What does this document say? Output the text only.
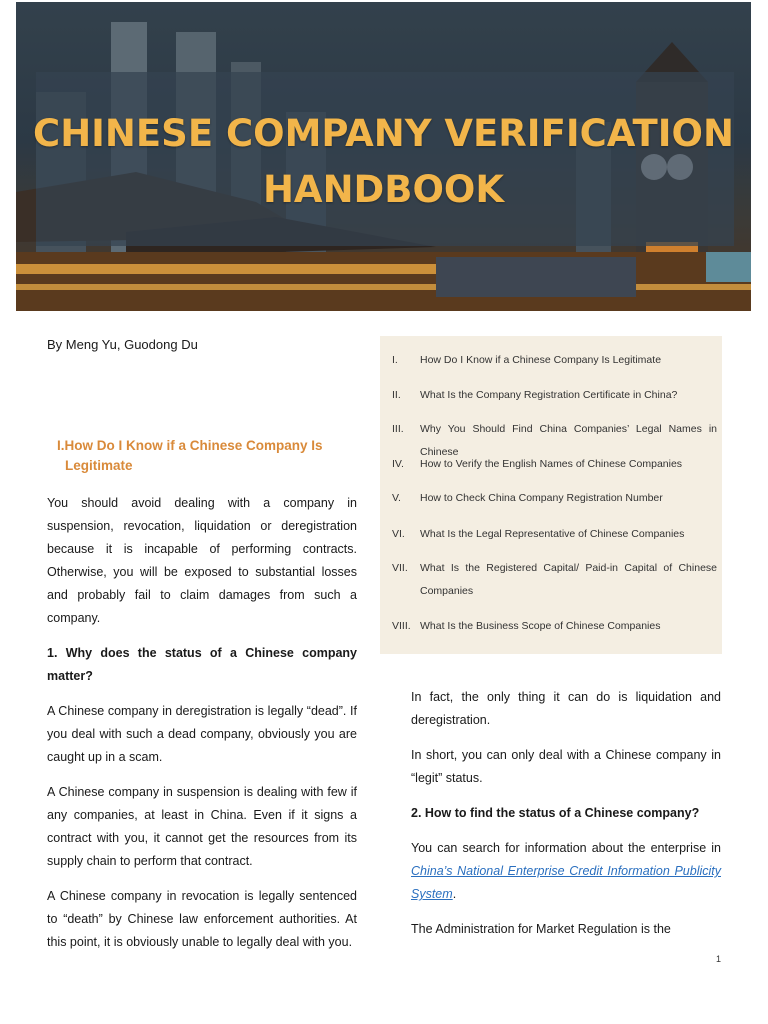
CHINESE COMPANY VERIFICATION
HANDBOOK
By Meng Yu, Guodong Du
I.	How Do I Know if a Chinese Company Is Legitimate
II.	What Is the Company Registration Certificate in China?
III.	Why You Should Find China Companies’ Legal Names in Chinese
IV.	How to Verify the English Names of Chinese Companies
V.	How to Check China Company Registration Number
VI.	What Is the Legal Representative of Chinese Companies
VII.	What Is the Registered Capital/ Paid-in Capital of Chinese Companies
VIII. What Is the Business Scope of Chinese Companies
I.How Do I Know if a Chinese Company Is
Legitimate

You should avoid dealing with a company in suspension, revocation, liquidation or deregistration because it is incapable of performing contracts. Otherwise, you will be exposed to substantial losses and probably fail to claim damages from such a company.

1. Why does the status of a Chinese company matter?

A Chinese company in deregistration is legally “dead”. If you deal with such a dead company, obviously you are caught up in a scam.

A Chinese company in suspension is dealing with few if any companies, at least in China. Even if it signs a contract with you, it cannot get the resources from its supply chain to perform that contract.

A Chinese company in revocation is legally sentenced to “death” by Chinese law enforcement authorities. At this point, it is obviously unable to legally deal with you.

In fact, the only thing it can do is liquidation and deregistration.

In short, you can only deal with a Chinese company in “legit” status.

2. How to find the status of a Chinese company?

You can search for information about the enterprise in China’s National Enterprise Credit Information Publicity System.

The Administration for Market Regulation is the

1
